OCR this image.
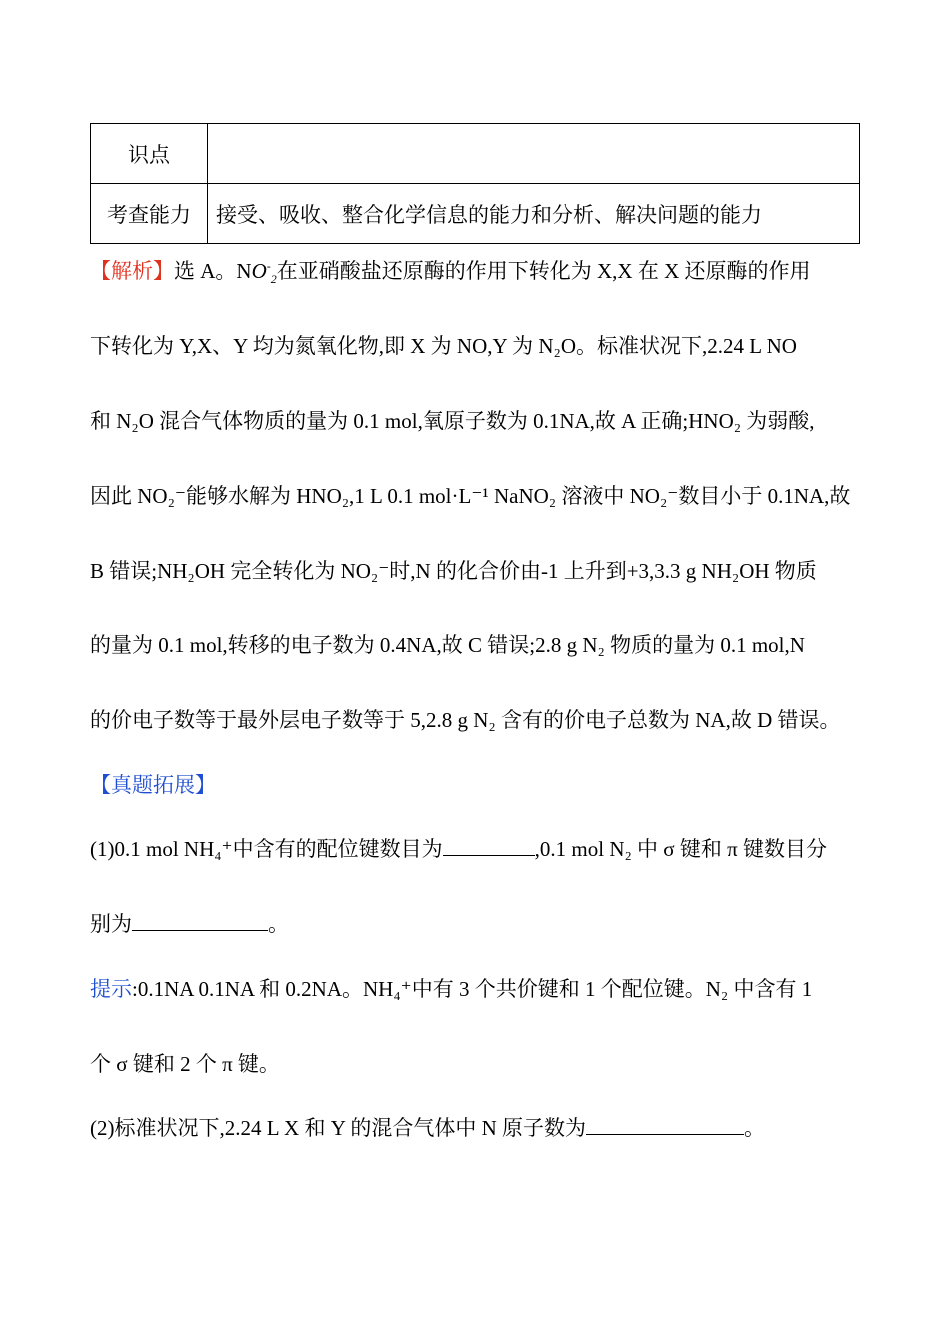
识点	
考查能力	接受、吸收、整合化学信息的能力和分析、解决问题的能力
【解析】选 A。$NO^-_2$在亚硝酸盐还原酶的作用下转化为 X,X 在 X 还原酶的作用
下转化为 Y,X、Y 均为氮氧化物,即 X 为 NO,Y 为 N₂O。标准状况下,2.24 L NO
和 N₂O 混合气体物质的量为 0.1 mol,氧原子数为 0.1NA,故 A 正确;HNO₂ 为弱酸,
因此 NO₂⁻能够水解为 HNO₂,1 L 0.1 mol·L⁻¹ NaNO₂ 溶液中 NO₂⁻数目小于 0.1NA,故
B 错误;NH₂OH 完全转化为 NO₂⁻时,N 的化合价由-1 上升到+3,3.3 g NH₂OH 物质
的量为 0.1 mol,转移的电子数为 0.4NA,故 C 错误;2.8 g N₂ 物质的量为 0.1 mol,N
的价电子数等于最外层电子数等于 5,2.8 g N₂ 含有的价电子总数为 NA,故 D 错误。
【真题拓展】
(1)0.1 mol NH₄⁺中含有的配位键数目为	,0.1 mol N₂ 中 σ 键和 π 键数目分
别为	。
提示:0.1NA 0.1NA 和 0.2NA。NH₄⁺中有 3 个共价键和 1 个配位键。N₂ 中含有 1
个 σ 键和 2 个 π 键。
(2)标准状况下,2.24 L X 和 Y 的混合气体中 N 原子数为	。
